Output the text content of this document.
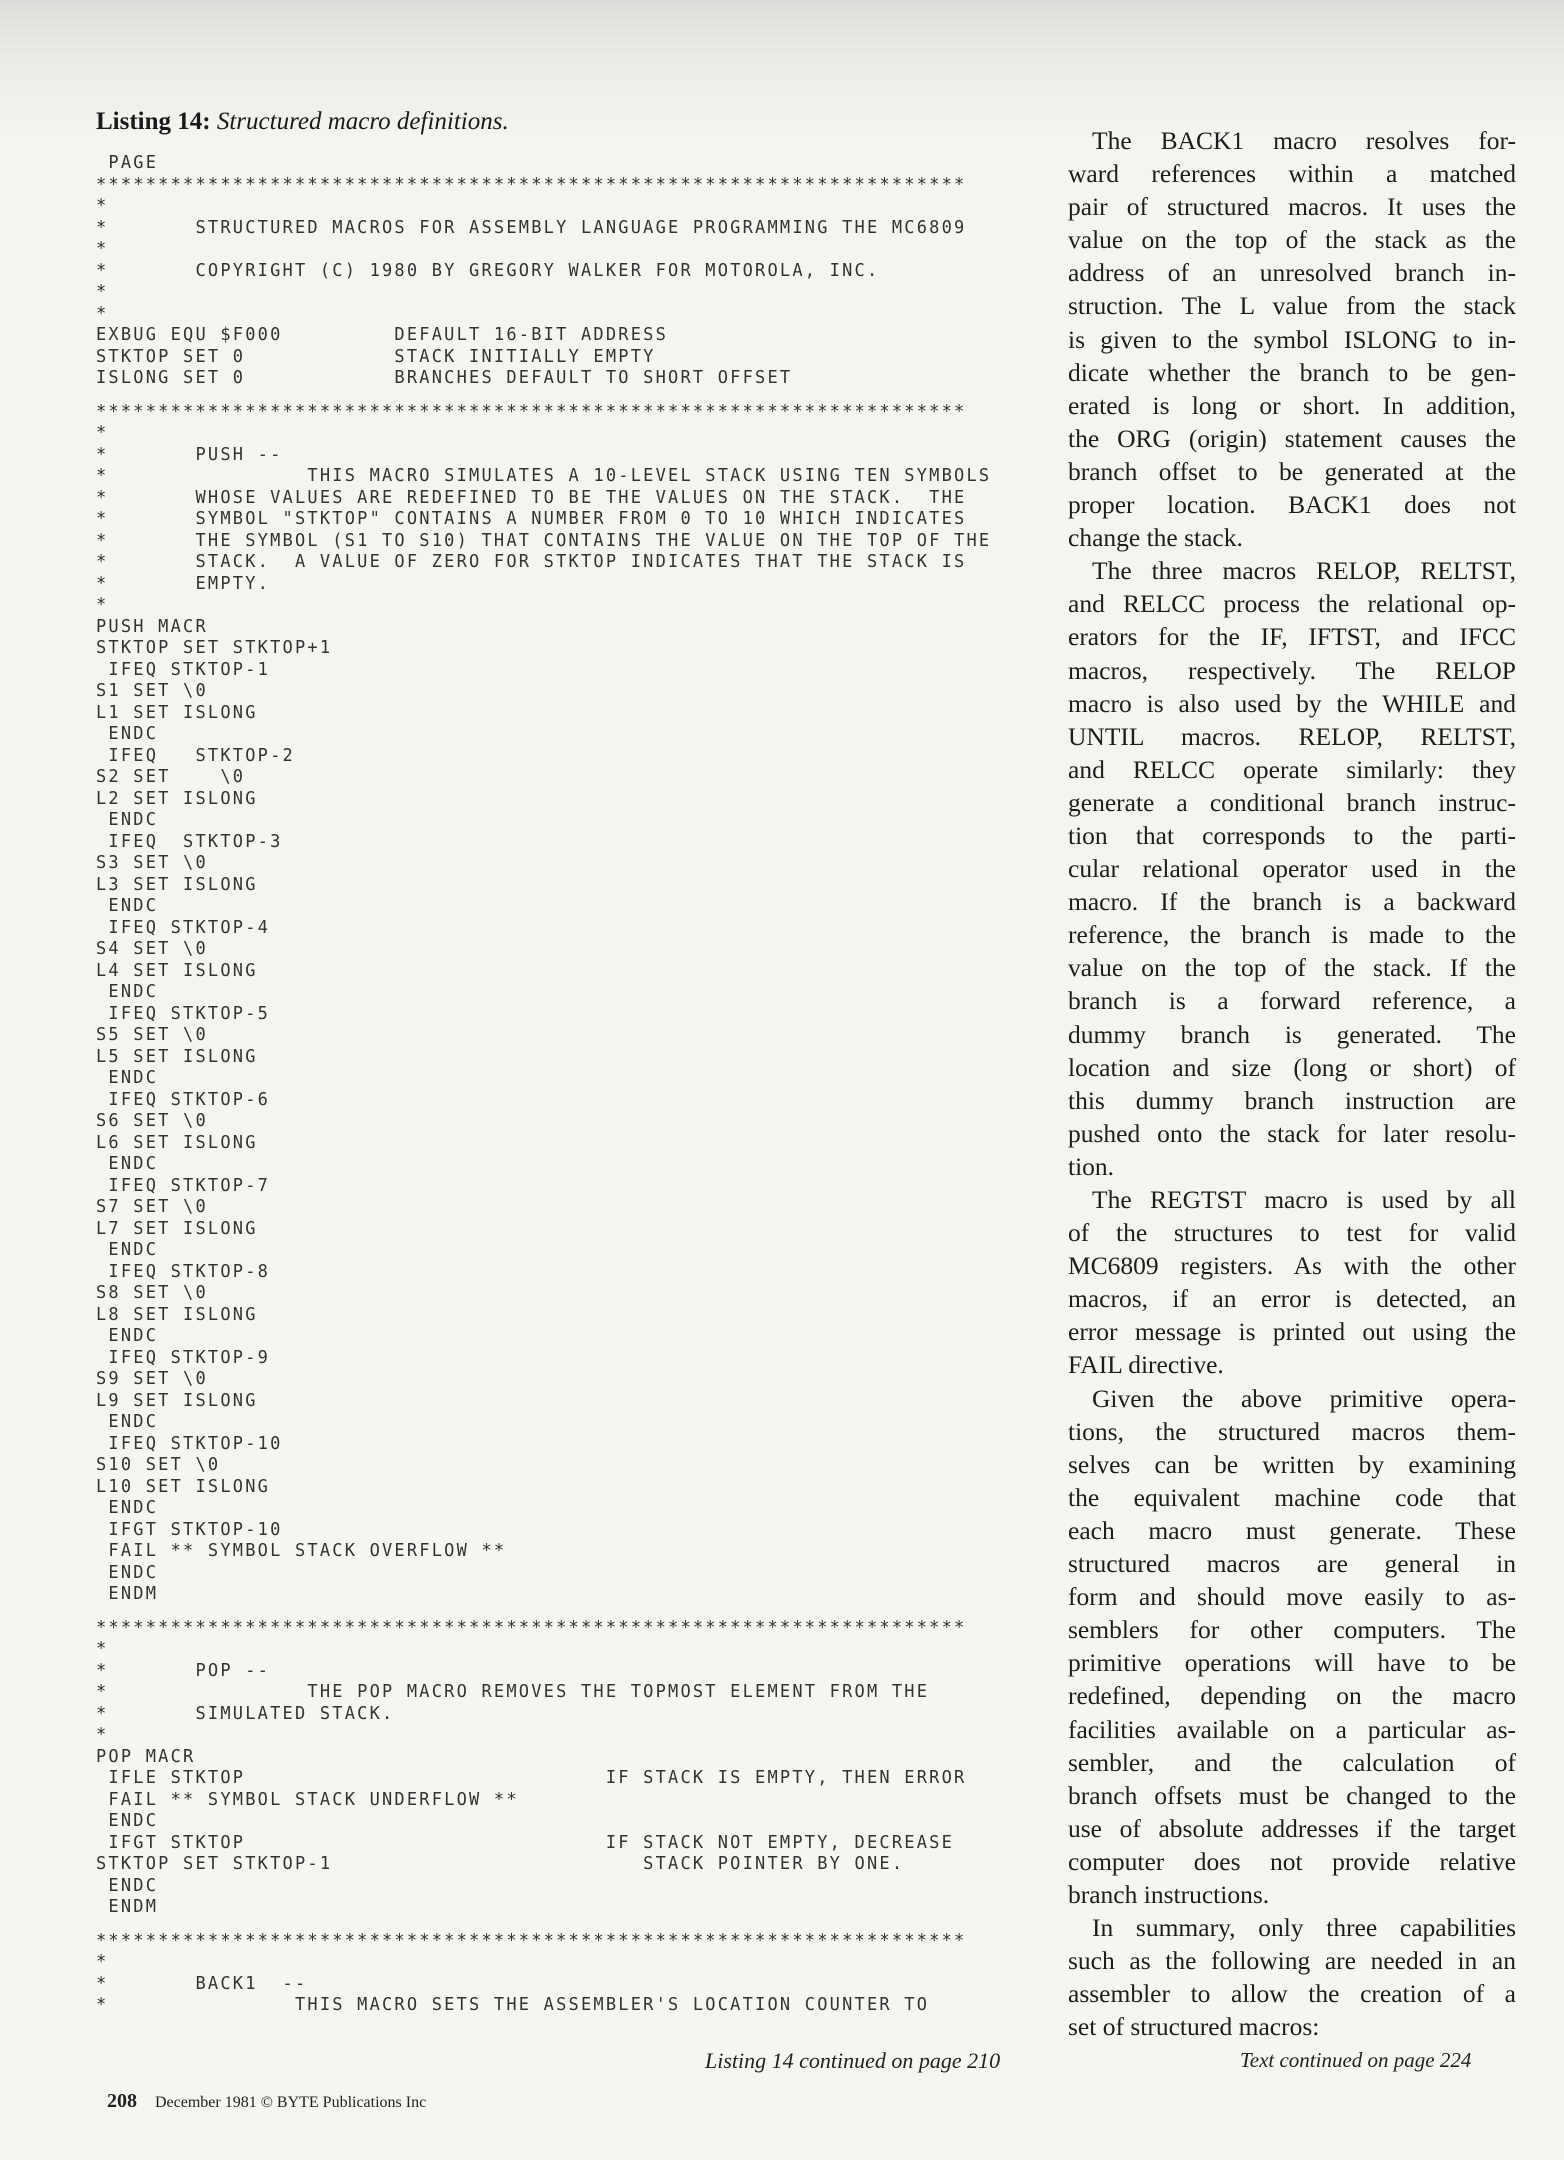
Listing 14: Structured macro definitions.
PAGE
**********************************************************************
*
*       STRUCTURED MACROS FOR ASSEMBLY LANGUAGE PROGRAMMING THE MC6809
*
*       COPYRIGHT (C) 1980 BY GREGORY WALKER FOR MOTOROLA, INC.
*
*
EXBUG EQU $F000         DEFAULT 16-BIT ADDRESS
STKTOP SET 0            STACK INITIALLY EMPTY
ISLONG SET 0            BRANCHES DEFAULT TO SHORT OFFSET
**********************************************************************
*
*       PUSH --
*                THIS MACRO SIMULATES A 10-LEVEL STACK USING TEN SYMBOLS
*       WHOSE VALUES ARE REDEFINED TO BE THE VALUES ON THE STACK.  THE
*       SYMBOL "STKTOP" CONTAINS A NUMBER FROM 0 TO 10 WHICH INDICATES
*       THE SYMBOL (S1 TO S10) THAT CONTAINS THE VALUE ON THE TOP OF THE
*       STACK.  A VALUE OF ZERO FOR STKTOP INDICATES THAT THE STACK IS
*       EMPTY.
*
PUSH MACR
STKTOP SET STKTOP+1
IFEQ STKTOP-1
S1 SET \0
L1 SET ISLONG
ENDC
IFEQ   STKTOP-2
S2 SET    \0
L2 SET ISLONG
ENDC
IFEQ  STKTOP-3
S3 SET \0
L3 SET ISLONG
ENDC
IFEQ STKTOP-4
S4 SET \0
L4 SET ISLONG
ENDC
IFEQ STKTOP-5
S5 SET \0
L5 SET ISLONG
ENDC
IFEQ STKTOP-6
S6 SET \0
L6 SET ISLONG
ENDC
IFEQ STKTOP-7
S7 SET \0
L7 SET ISLONG
ENDC
IFEQ STKTOP-8
S8 SET \0
L8 SET ISLONG
ENDC
IFEQ STKTOP-9
S9 SET \0
L9 SET ISLONG
ENDC
IFEQ STKTOP-10
S10 SET \0
L10 SET ISLONG
ENDC
IFGT STKTOP-10
FAIL ** SYMBOL STACK OVERFLOW **
ENDC
ENDM
**********************************************************************
*
*       POP --
*                THE POP MACRO REMOVES THE TOPMOST ELEMENT FROM THE
*       SIMULATED STACK.
*
POP MACR
IFLE STKTOP                             IF STACK IS EMPTY, THEN ERROR
FAIL ** SYMBOL STACK UNDERFLOW **
ENDC
IFGT STKTOP                             IF STACK NOT EMPTY, DECREASE
STKTOP SET STKTOP-1                         STACK POINTER BY ONE.
ENDC
ENDM
**********************************************************************
*
*       BACK1  --
*               THIS MACRO SETS THE ASSEMBLER'S LOCATION COUNTER TO
The BACK1 macro resolves for-
ward references within a matched
pair of structured macros. It uses the
value on the top of the stack as the
address of an unresolved branch in-
struction. The L value from the stack
is given to the symbol ISLONG to in-
dicate whether the branch to be gen-
erated is long or short. In addition,
the ORG (origin) statement causes the
branch offset to be generated at the
proper location. BACK1 does not
change the stack.
The three macros RELOP, RELTST,
and RELCC process the relational op-
erators for the IF, IFTST, and IFCC
macros, respectively. The RELOP
macro is also used by the WHILE and
UNTIL macros. RELOP, RELTST,
and RELCC operate similarly: they
generate a conditional branch instruc-
tion that corresponds to the parti-
cular relational operator used in the
macro. If the branch is a backward
reference, the branch is made to the
value on the top of the stack. If the
branch is a forward reference, a
dummy branch is generated. The
location and size (long or short) of
this dummy branch instruction are
pushed onto the stack for later resolu-
tion.
The REGTST macro is used by all
of the structures to test for valid
MC6809 registers. As with the other
macros, if an error is detected, an
error message is printed out using the
FAIL directive.
Given the above primitive opera-
tions, the structured macros them-
selves can be written by examining
the equivalent machine code that
each macro must generate. These
structured macros are general in
form and should move easily to as-
semblers for other computers. The
primitive operations will have to be
redefined, depending on the macro
facilities available on a particular as-
sembler, and the calculation of
branch offsets must be changed to the
use of absolute addresses if the target
computer does not provide relative
branch instructions.
In summary, only three capabilities
such as the following are needed in an
assembler to allow the creation of a
set of structured macros:
Listing 14 continued on page 210	Text continued on page 224
208 December 1981 © BYTE Publications Inc
